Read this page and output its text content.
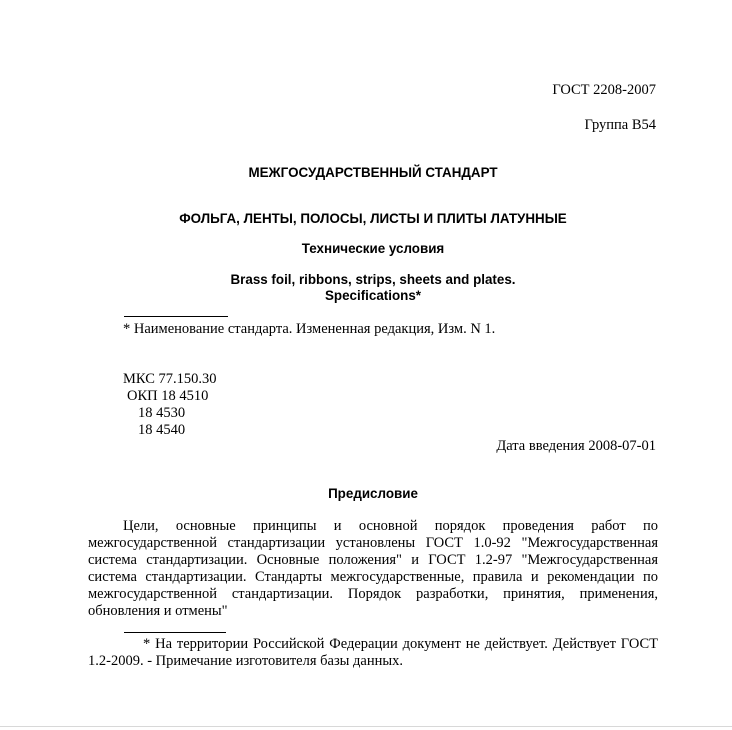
ГОСТ 2208-2007
Группа В54
МЕЖГОСУДАРСТВЕННЫЙ СТАНДАРТ
ФОЛЬГА, ЛЕНТЫ, ПОЛОСЫ, ЛИСТЫ И ПЛИТЫ ЛАТУННЫЕ
Технические условия
Brass foil, ribbons, strips, sheets and plates.
Specifications*
* Наименование стандарта. Измененная редакция, Изм. N 1.
МКС 77.150.30
ОКП 18 4510
18 4530
18 4540
Дата введения 2008-07-01
Предисловие
Цели, основные принципы и основной порядок проведения работ по межгосударственной стандартизации установлены ГОСТ 1.0-92 "Межгосударственная система стандартизации. Основные положения" и ГОСТ 1.2-97 "Межгосударственная система стандартизации. Стандарты межгосударственные, правила и рекомендации по межгосударственной стандартизации. Порядок разработки, принятия, применения, обновления и отмены"
* На территории Российской Федерации документ не действует. Действует ГОСТ 1.2-2009. - Примечание изготовителя базы данных.
